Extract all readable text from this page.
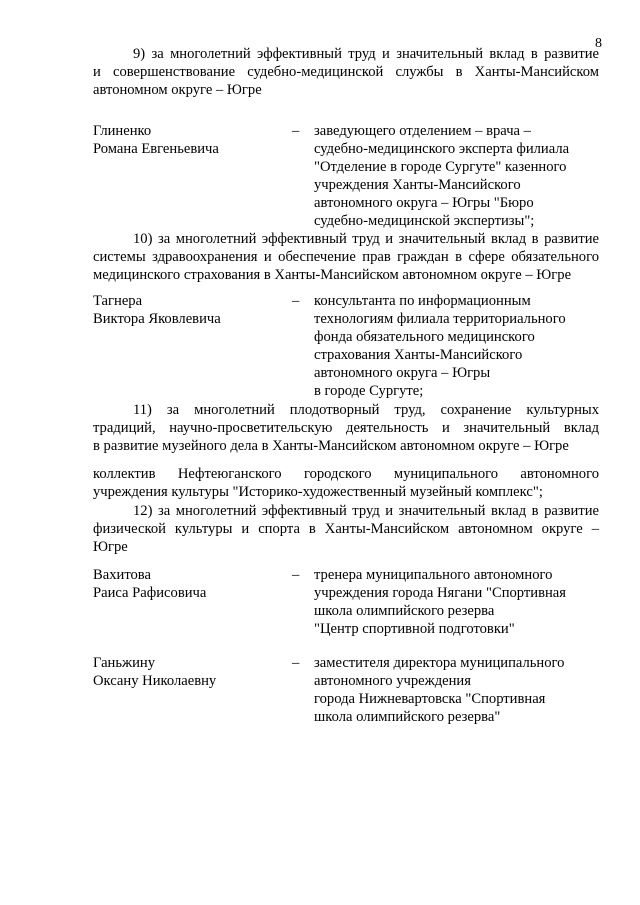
8
9) за многолетний эффективный труд и значительный вклад в развитие
и совершенствование судебно-медицинской службы в Ханты-Мансийском
автономном округе – Югре
Глиненко
Романа Евгеньевича
– заведующего отделением – врача –
судебно-медицинского эксперта филиала
"Отделение в городе Сургуте" казенного
учреждения Ханты-Мансийского
автономного округа – Югры "Бюро
судебно-медицинской экспертизы";
10) за многолетний эффективный труд и значительный вклад в развитие
системы здравоохранения и обеспечение прав граждан в сфере обязательного
медицинского страхования в Ханты-Мансийском автономном округе – Югре
Тагнера
Виктора Яковлевича
– консультанта по информационным
технологиям филиала территориального
фонда обязательного медицинского
страхования Ханты-Мансийского
автономного округа – Югры
в городе Сургуте;
11) за многолетний плодотворный труд, сохранение культурных
традиций, научно-просветительскую деятельность и значительный вклад
в развитие музейного дела в Ханты-Мансийском автономном округе – Югре
коллектив Нефтеюганского городского муниципального автономного
учреждения культуры "Историко-художественный музейный комплекс";
12) за многолетний эффективный труд и значительный вклад в развитие
физической культуры и спорта в Ханты-Мансийском автономном округе –
Югре
Вахитова
Раиса Рафисовича
– тренера муниципального автономного
учреждения города Нягани "Спортивная
школа олимпийского резерва
"Центр спортивной подготовки"
Ганьжину
Оксану Николаевну
– заместителя директора муниципального
автономного учреждения
города Нижневартовска "Спортивная
школа олимпийского резерва"
